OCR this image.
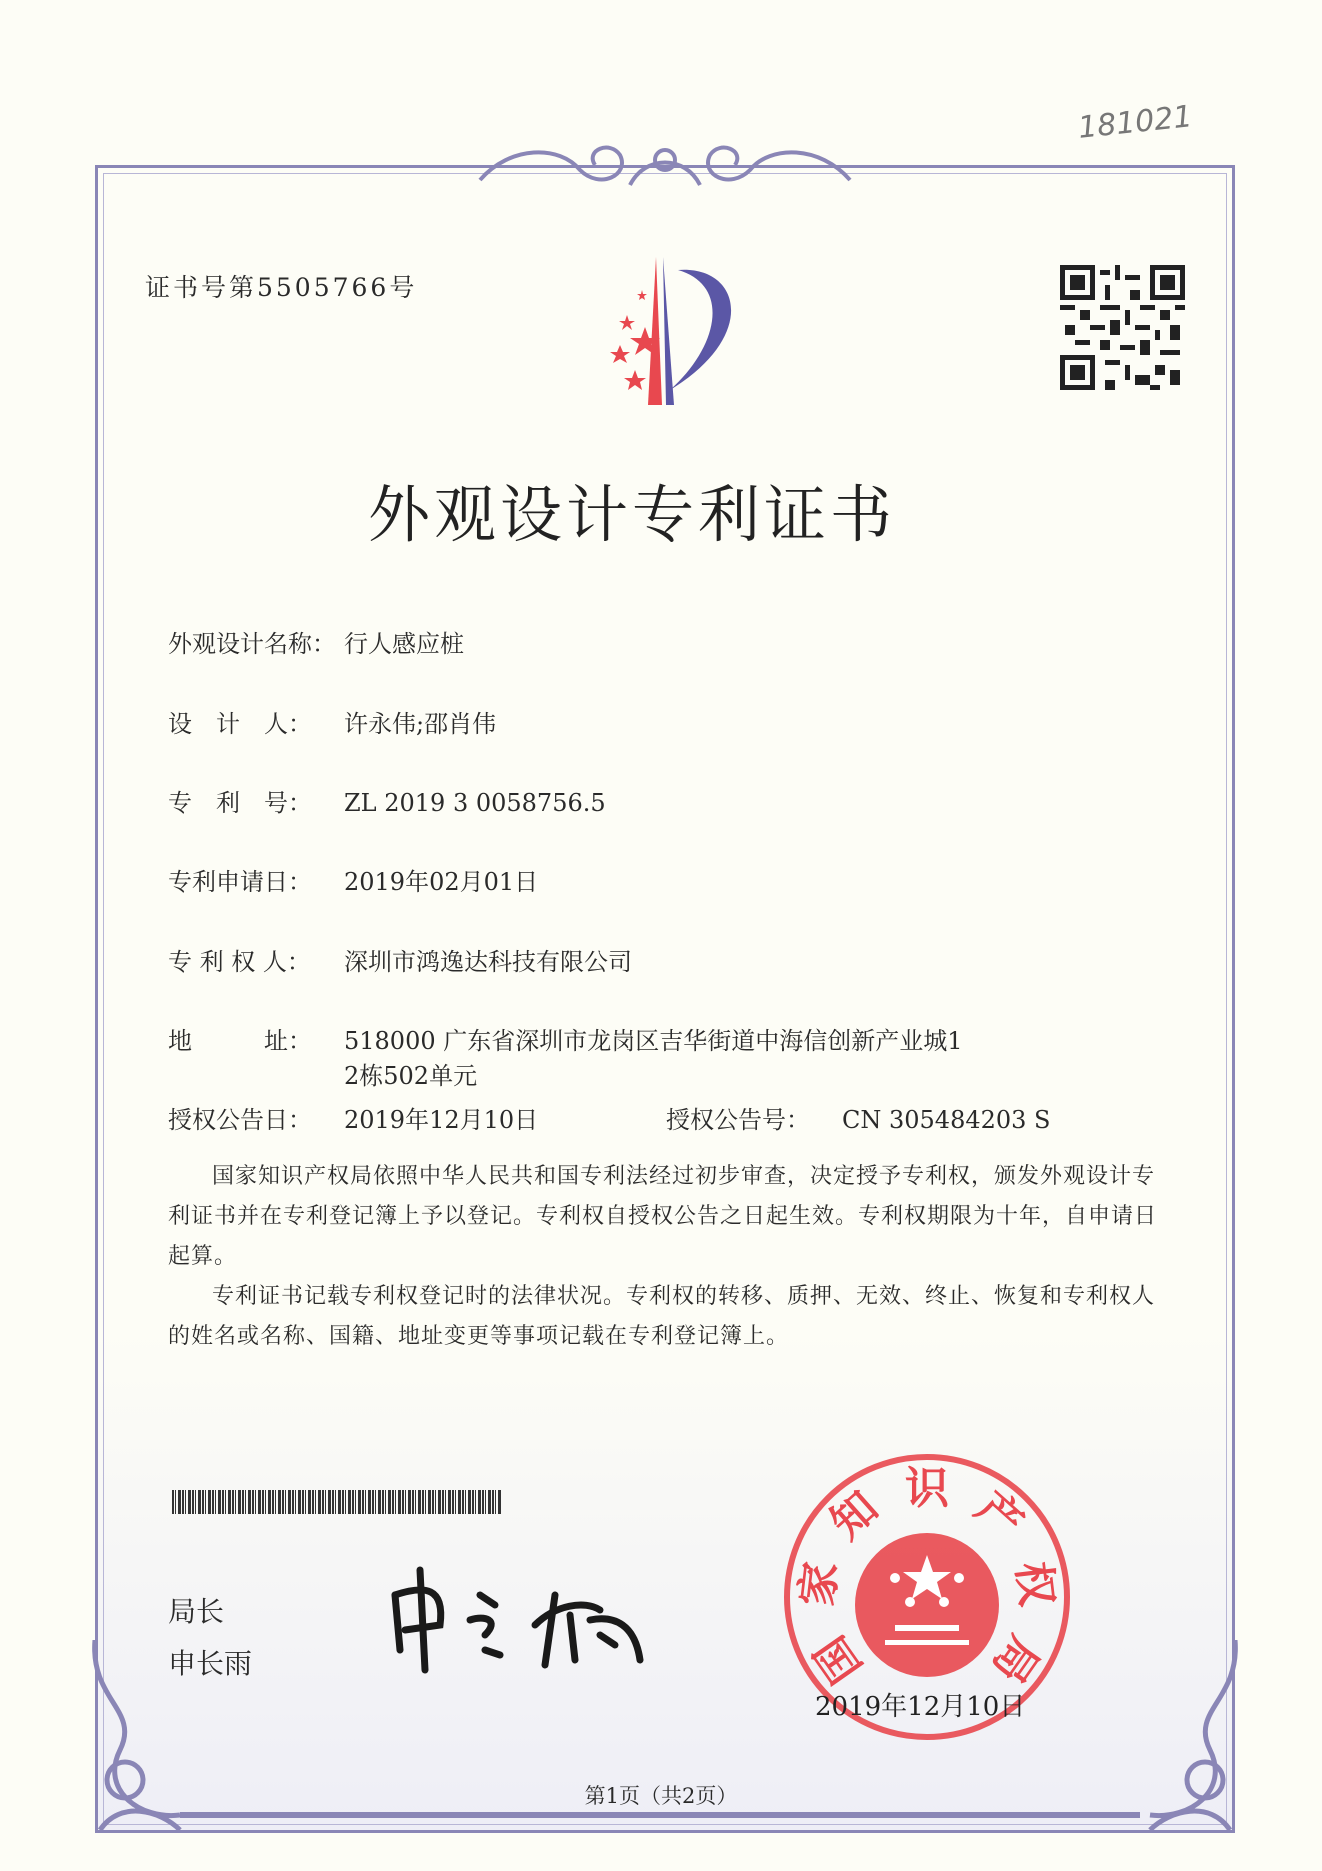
181021
证书号第5505766号
外观设计专利证书
外观设计名称： 行人感应桩
设　计　人： 许永伟;邵肖伟
专　利　号： ZL 2019 3 0058756.5
专利申请日： 2019年02月01日
专 利 权 人： 深圳市鸿逸达科技有限公司
地　　　址： 518000 广东省深圳市龙岗区吉华街道中海信创新产业城1
2栋502单元
授权公告日： 2019年12月10日	授权公告号： CN 305484203 S

国家知识产权局依照中华人民共和国专利法经过初步审查，决定授予专利权，颁发外观设计专利证书并在专利登记簿上予以登记。专利权自授权公告之日起生效。专利权期限为十年，自申请日起算。

专利证书记载专利权登记时的法律状况。专利权的转移、质押、无效、终止、恢复和专利权人的姓名或名称、国籍、地址变更等事项记载在专利登记簿上。

局长
申长雨	国
家
知 识 产
权
局
2019年12月10日
第1页（共2页）
